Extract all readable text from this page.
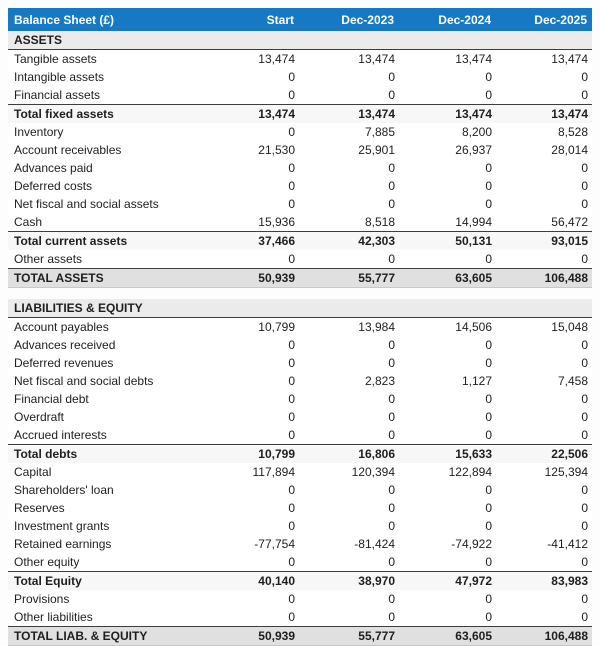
Balance Sheet (£)	Start	Dec-2023	Dec-2024	Dec-2025
ASSETS				
Tangible assets	13,474	13,474	13,474	13,474
Intangible assets	0	0	0	0
Financial assets	0	0	0	0
Total fixed assets	13,474	13,474	13,474	13,474
Inventory	0	7,885	8,200	8,528
Account receivables	21,530	25,901	26,937	28,014
Advances paid	0	0	0	0
Deferred costs	0	0	0	0
Net fiscal and social assets	0	0	0	0
Cash	15,936	8,518	14,994	56,472
Total current assets	37,466	42,303	50,131	93,015
Other assets	0	0	0	0
TOTAL ASSETS	50,939	55,777	63,605	106,488

LIABILITIES & EQUITY				
Account payables	10,799	13,984	14,506	15,048
Advances received	0	0	0	0
Deferred revenues	0	0	0	0
Net fiscal and social debts	0	2,823	1,127	7,458
Financial debt	0	0	0	0
Overdraft	0	0	0	0
Accrued interests	0	0	0	0
Total debts	10,799	16,806	15,633	22,506
Capital	117,894	120,394	122,894	125,394
Shareholders' loan	0	0	0	0
Reserves	0	0	0	0
Investment grants	0	0	0	0
Retained earnings	-77,754	-81,424	-74,922	-41,412
Other equity	0	0	0	0
Total Equity	40,140	38,970	47,972	83,983
Provisions	0	0	0	0
Other liabilities	0	0	0	0
TOTAL LIAB. & EQUITY	50,939	55,777	63,605	106,488
